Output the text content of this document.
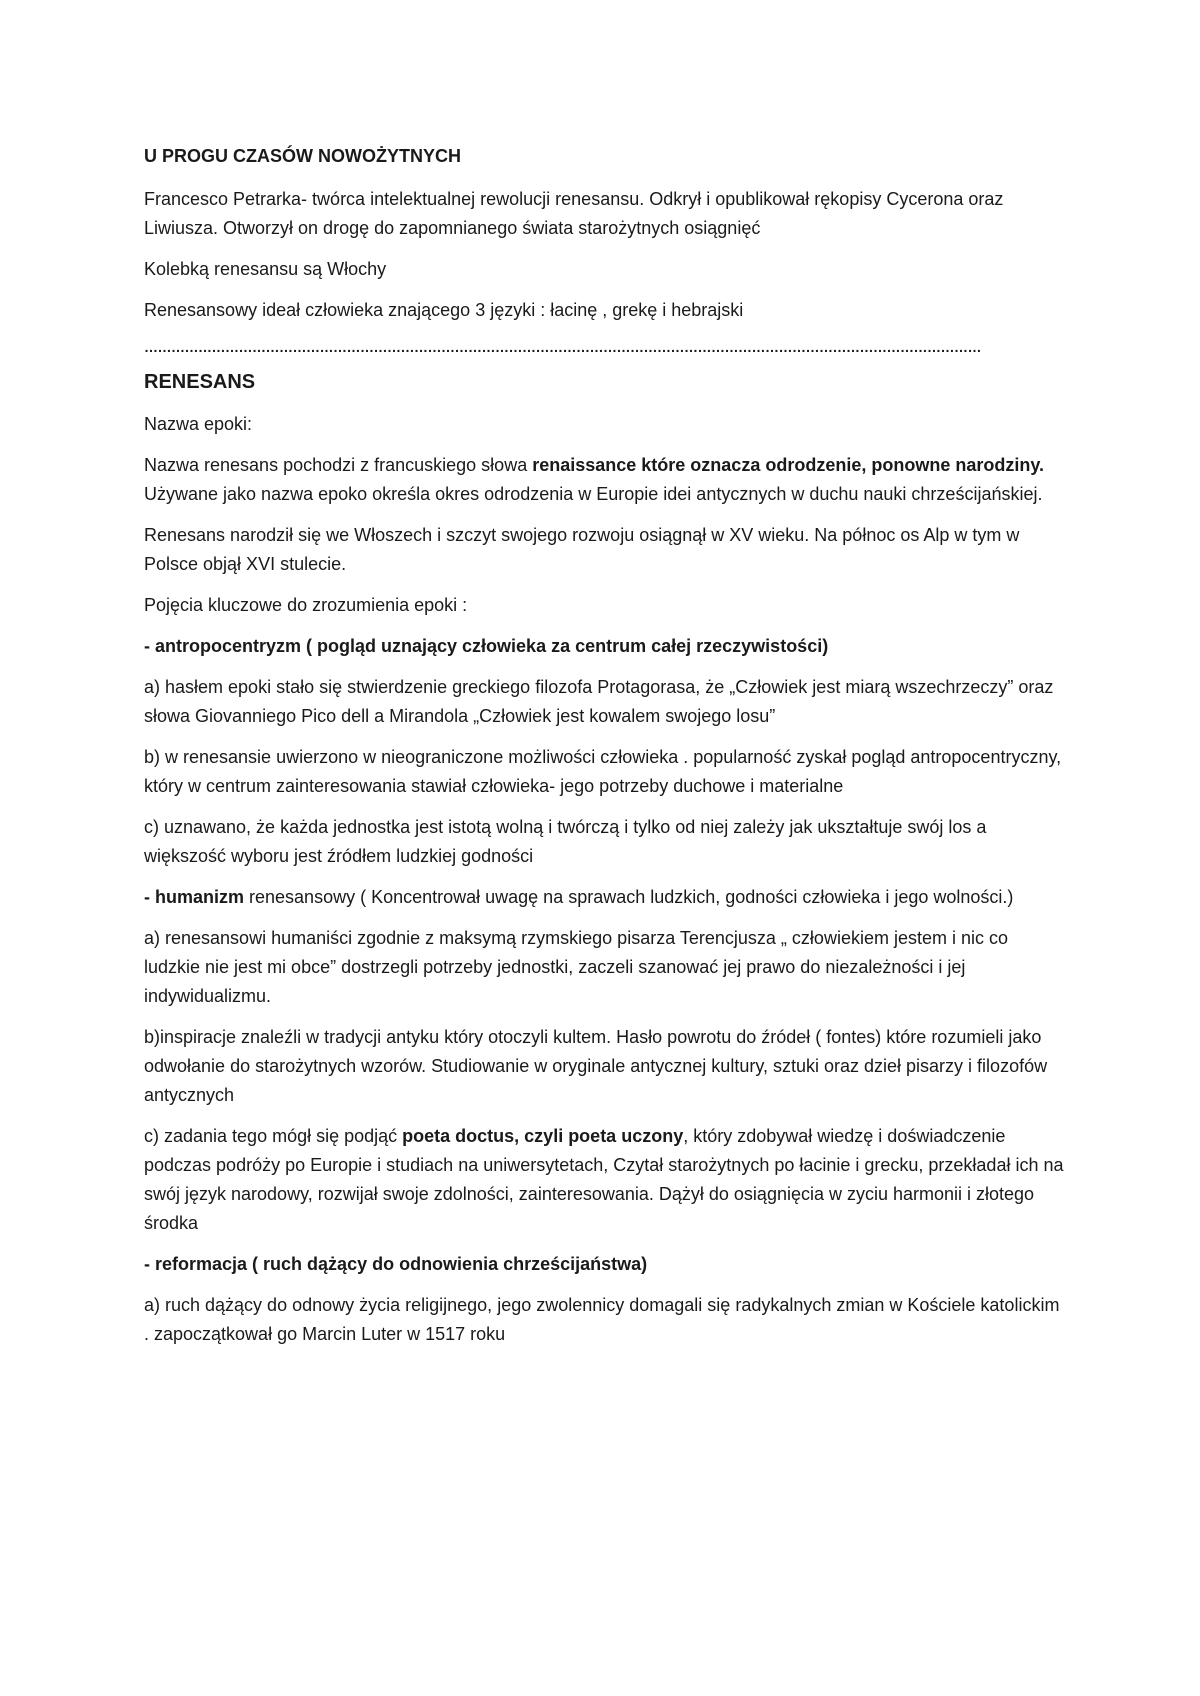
U PROGU CZASÓW NOWOŻYTNYCH

Francesco Petrarka- twórca intelektualnej rewolucji renesansu. Odkrył i opublikował rękopisy Cycerona oraz Liwiusza. Otworzył on drogę do zapomnianego świata starożytnych osiągnięć

Kolebką renesansu są Włochy

Renesansowy ideał człowieka znającego 3 języki : łacinę , grekę i hebrajski

……………………………………………………………………………………………………………………………………………………………………
RENESANS

Nazwa epoki:

Nazwa renesans pochodzi z francuskiego słowa renaissance które oznacza odrodzenie, ponowne narodziny. Używane jako nazwa epoko określa okres odrodzenia w Europie idei antycznych w duchu nauki chrześcijańskiej.

Renesans narodził się we Włoszech i szczyt swojego rozwoju osiągnął w XV wieku. Na północ os Alp w tym w Polsce objął XVI stulecie.

Pojęcia kluczowe do zrozumienia epoki :

- antropocentryzm ( pogląd uznający człowieka za centrum całej rzeczywistości)

a) hasłem epoki stało się stwierdzenie greckiego filozofa Protagorasa, że „Człowiek jest miarą wszechrzeczy” oraz słowa Giovanniego Pico dell a Mirandola „Człowiek jest kowalem swojego losu”

b) w renesansie uwierzono w nieograniczone możliwości człowieka . popularność zyskał pogląd antropocentryczny, który w centrum zainteresowania stawiał człowieka- jego potrzeby duchowe i materialne

c) uznawano, że każda jednostka jest istotą wolną i twórczą i tylko od niej zależy jak ukształtuje swój los a większość wyboru jest źródłem ludzkiej godności

- humanizm renesansowy ( Koncentrował uwagę na sprawach ludzkich, godności człowieka i jego wolności.)

a) renesansowi humaniści zgodnie z maksymą rzymskiego pisarza Terencjusza „ człowiekiem jestem i nic co ludzkie nie jest mi obce” dostrzegli potrzeby jednostki, zaczeli szanować jej prawo do niezależności i jej indywidualizmu.

b)inspiracje znaleźli w tradycji antyku który otoczyli kultem. Hasło powrotu do źródeł ( fontes) które rozumieli jako odwołanie do starożytnych wzorów. Studiowanie w oryginale antycznej kultury, sztuki oraz dzieł pisarzy i filozofów antycznych

c) zadania tego mógł się podjąć poeta doctus, czyli poeta uczony, który zdobywał wiedzę i doświadczenie podczas podróży po Europie i studiach na uniwersytetach, Czytał starożytnych po łacinie i grecku, przekładał ich na swój język narodowy, rozwijał swoje zdolności, zainteresowania. Dążył do osiągnięcia w zyciu harmonii i złotego środka

- reformacja ( ruch dążący do odnowienia chrześcijaństwa)

a) ruch dążący do odnowy życia religijnego, jego zwolennicy domagali się radykalnych zmian w Kościele katolickim . zapoczątkował go Marcin Luter w 1517 roku
